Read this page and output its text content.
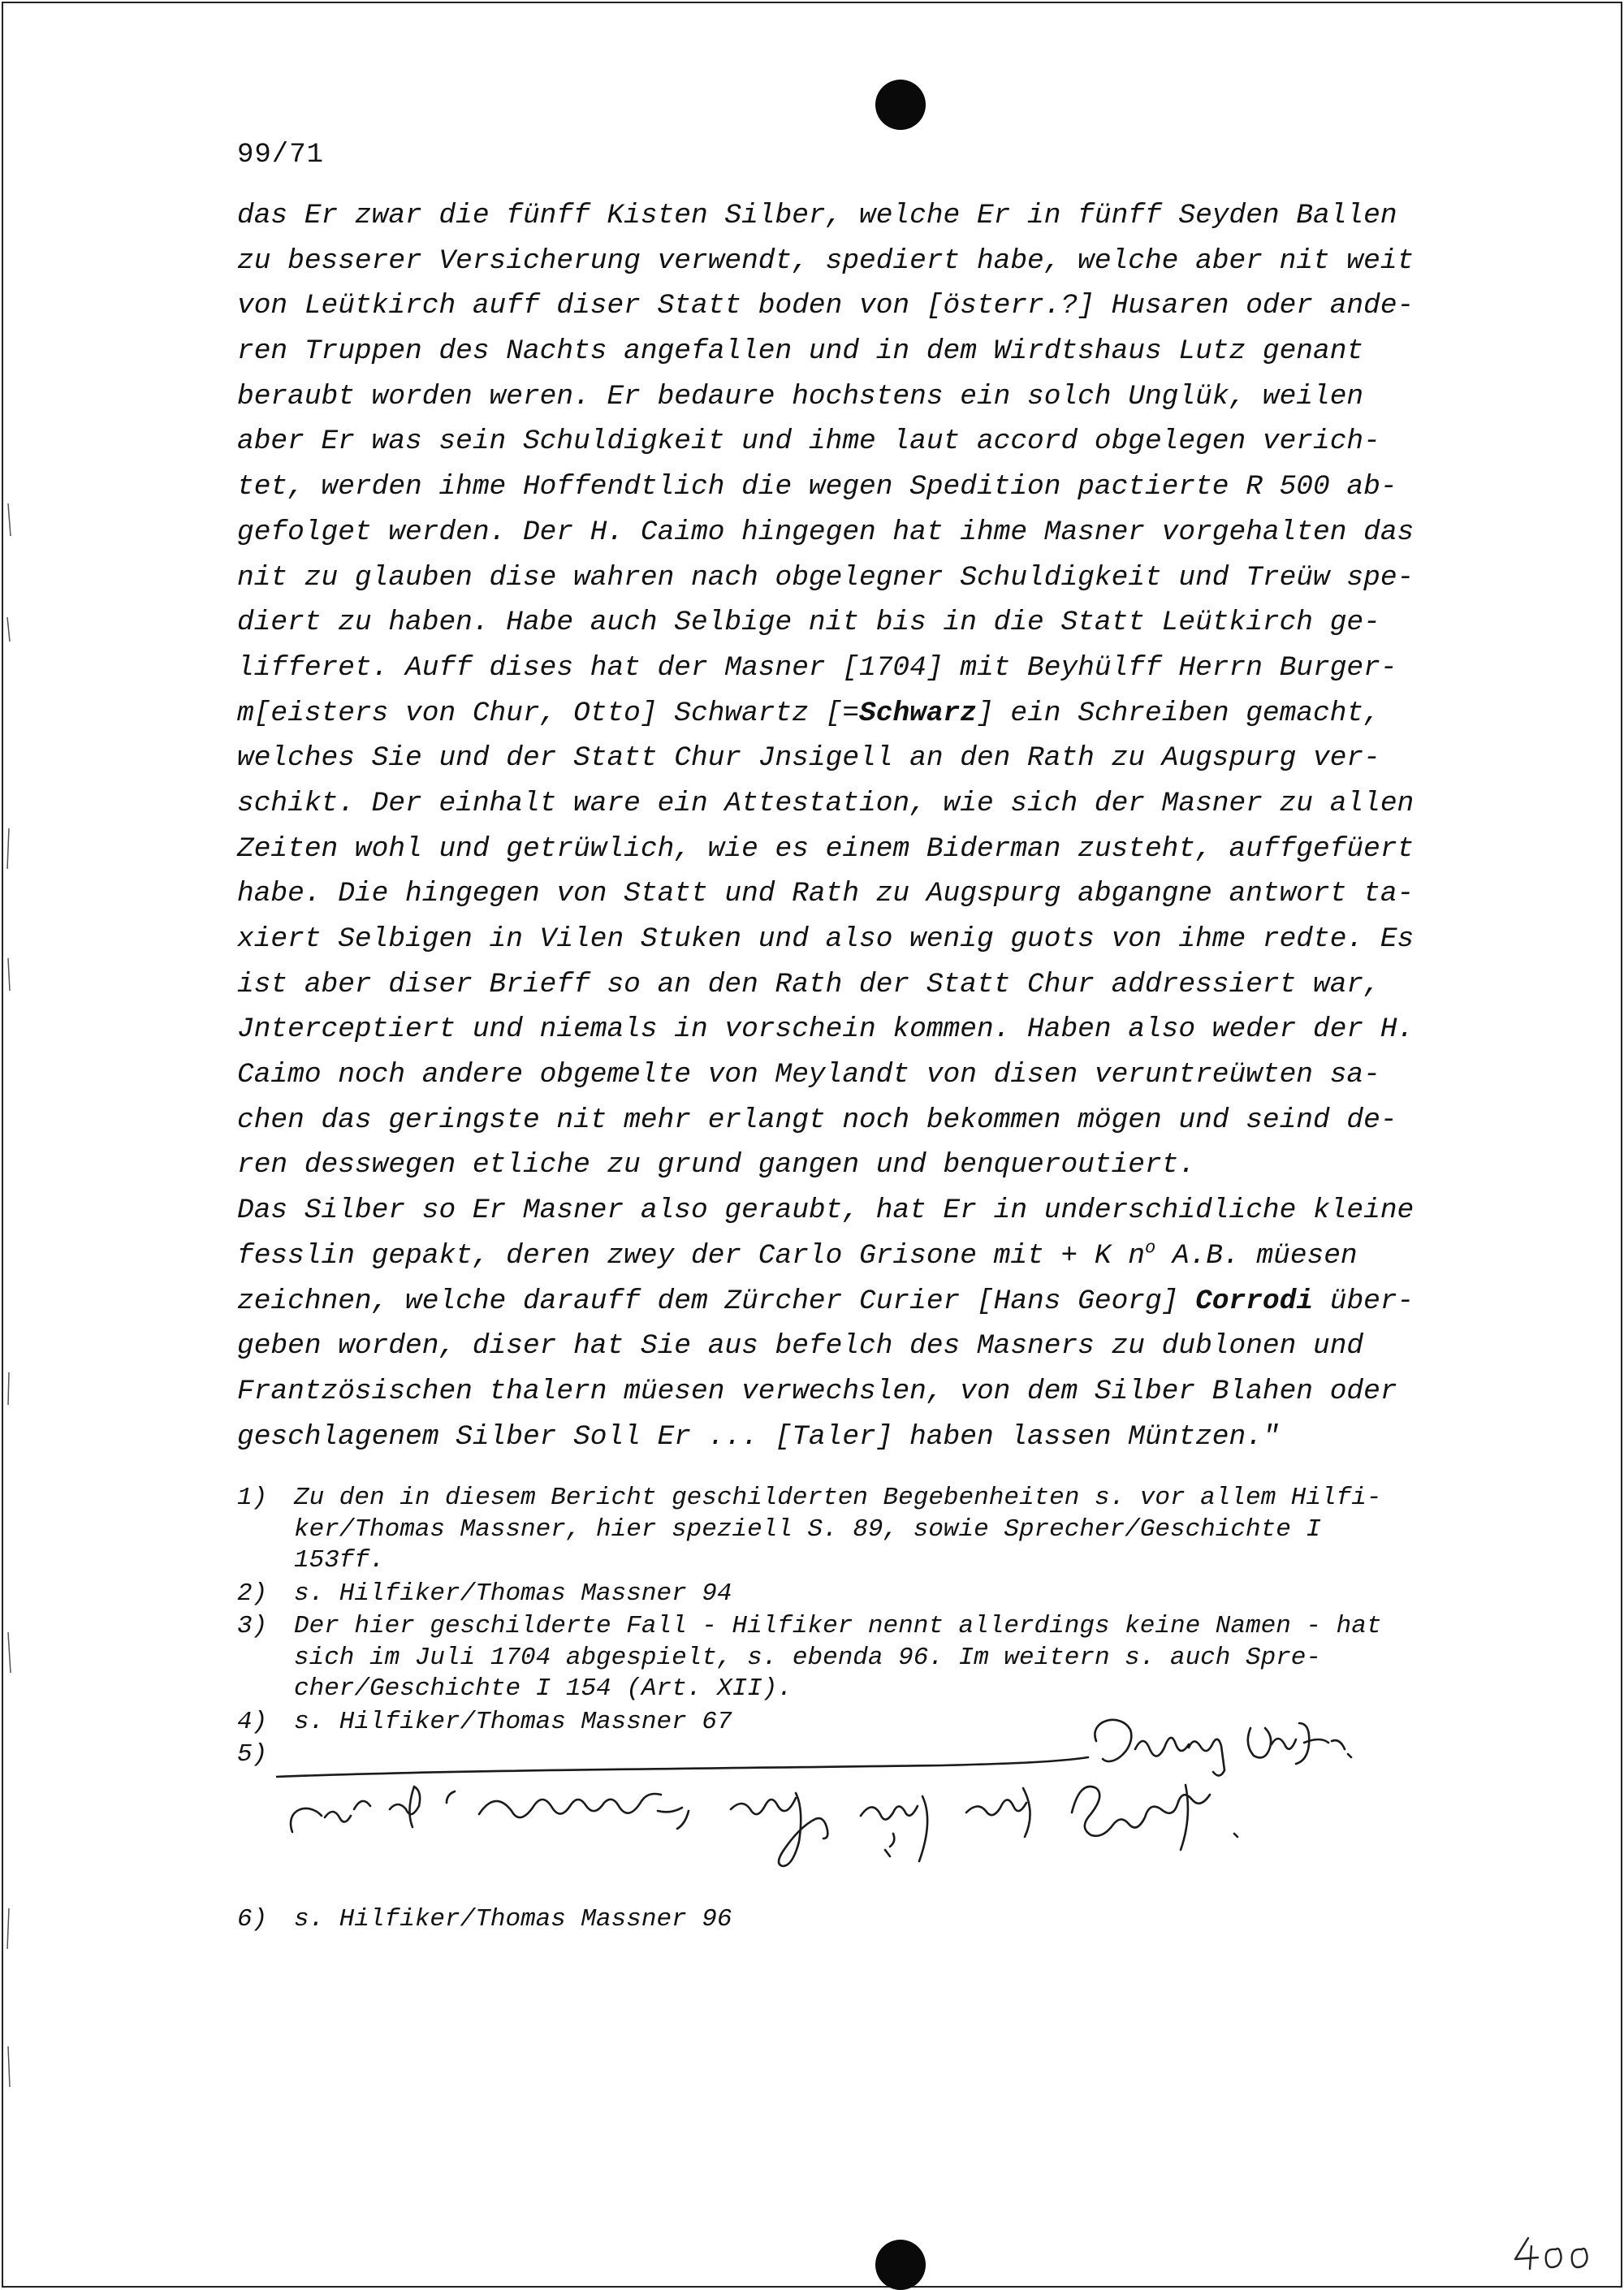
99/71
das Er zwar die fünff Kisten Silber, welche Er in fünff Seyden Ballen
zu besserer Versicherung verwendt, spediert habe, welche aber nit weit
von Leütkirch auff diser Statt boden von [österr.?] Husaren oder ande-
ren Truppen des Nachts angefallen und in dem Wirdtshaus Lutz genant
beraubt worden weren. Er bedaure hochstens ein solch Unglük, weilen
aber Er was sein Schuldigkeit und ihme laut accord obgelegen verich-
tet, werden ihme Hoffendtlich die wegen Spedition pactierte R 500 ab-
gefolget werden. Der H. Caimo hingegen hat ihme Masner vorgehalten das
nit zu glauben dise wahren nach obgelegner Schuldigkeit und Treüw spe-
diert zu haben. Habe auch Selbige nit bis in die Statt Leütkirch ge-
lifferet. Auff dises hat der Masner [1704] mit Beyhülff Herrn Burger-
m[eisters von Chur, Otto] Schwartz [=Schwarz] ein Schreiben gemacht,
welches Sie und der Statt Chur Jnsigell an den Rath zu Augspurg ver-
schikt. Der einhalt ware ein Attestation, wie sich der Masner zu allen
Zeiten wohl und getrüwlich, wie es einem Biderman zusteht, auffgefüert
habe. Die hingegen von Statt und Rath zu Augspurg abgangne antwort ta-
xiert Selbigen in Vilen Stuken und also wenig guots von ihme redte. Es
ist aber diser Brieff so an den Rath der Statt Chur addressiert war,
Jnterceptiert und niemals in vorschein kommen. Haben also weder der H.
Caimo noch andere obgemelte von Meylandt von disen veruntreüwten sa-
chen das geringste nit mehr erlangt noch bekommen mögen und seind de-
ren desswegen etliche zu grund gangen und benqueroutiert.
Das Silber so Er Masner also geraubt, hat Er in underschidliche kleine
fesslin gepakt, deren zwey der Carlo Grisone mit + K $n^o$ A.B. müesen
zeichnen, welche darauff dem Zürcher Curier [Hans Georg] Corrodi über-
geben worden, diser hat Sie aus befelch des Masners zu dublonen und
Frantzösischen thalern müesen verwechslen, von dem Silber Blahen oder
geschlagenem Silber Soll Er ... [Taler] haben lassen Müntzen."
1) Zu den in diesem Bericht geschilderten Begebenheiten s. vor allem Hilfi-
ker/Thomas Massner, hier speziell S. 89, sowie Sprecher/Geschichte I
153ff.
2) s. Hilfiker/Thomas Massner 94
3) Der hier geschilderte Fall - Hilfiker nennt allerdings keine Namen - hat
sich im Juli 1704 abgespielt, s. ebenda 96. Im weitern s. auch Spre-
cher/Geschichte I 154 (Art. XII).
4) s. Hilfiker/Thomas Massner 67
5)
6) s. Hilfiker/Thomas Massner 96
